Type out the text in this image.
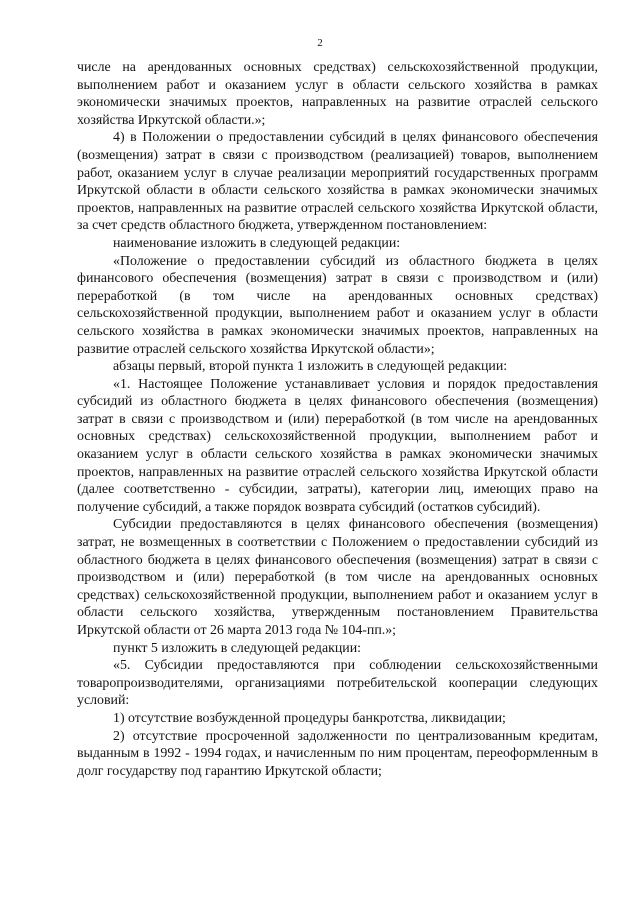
2

числе на арендованных основных средствах) сельскохозяйственной продукции, выполнением работ и оказанием услуг в области сельского хозяйства в рамках экономически значимых проектов, направленных на развитие отраслей сельского хозяйства Иркутской области.»;

4) в Положении о предоставлении субсидий в целях финансового обеспечения (возмещения) затрат в связи с производством (реализацией) товаров, выполнением работ, оказанием услуг в случае реализации мероприятий государственных программ Иркутской области в области сельского хозяйства в рамках экономически значимых проектов, направленных на развитие отраслей сельского хозяйства Иркутской области, за счет средств областного бюджета, утвержденном постановлением:

наименование изложить в следующей редакции:

«Положение о предоставлении субсидий из областного бюджета в целях финансового обеспечения (возмещения) затрат в связи с производством и (или) переработкой (в том числе на арендованных основных средствах) сельскохозяйственной продукции, выполнением работ и оказанием услуг в области сельского хозяйства в рамках экономически значимых проектов, направленных на развитие отраслей сельского хозяйства Иркутской области»;

абзацы первый, второй пункта 1 изложить в следующей редакции:

«1. Настоящее Положение устанавливает условия и порядок предоставления субсидий из областного бюджета в целях финансового обеспечения (возмещения) затрат в связи с производством и (или) переработкой (в том числе на арендованных основных средствах) сельскохозяйственной продукции, выполнением работ и оказанием услуг в области сельского хозяйства в рамках экономически значимых проектов, направленных на развитие отраслей сельского хозяйства Иркутской области (далее соответственно - субсидии, затраты), категории лиц, имеющих право на получение субсидий, а также порядок возврата субсидий (остатков субсидий).

Субсидии предоставляются в целях финансового обеспечения (возмещения) затрат, не возмещенных в соответствии с Положением о предоставлении субсидий из областного бюджета в целях финансового обеспечения (возмещения) затрат в связи с производством и (или) переработкой (в том числе на арендованных основных средствах) сельскохозяйственной продукции, выполнением работ и оказанием услуг в области сельского хозяйства, утвержденным постановлением Правительства Иркутской области от 26 марта 2013 года № 104-пп.»;

пункт 5 изложить в следующей редакции:

«5. Субсидии предоставляются при соблюдении сельскохозяйственными товаропроизводителями, организациями потребительской кооперации следующих условий:

1) отсутствие возбужденной процедуры банкротства, ликвидации;

2) отсутствие просроченной задолженности по централизованным кредитам, выданным в 1992 - 1994 годах, и начисленным по ним процентам, переоформленным в долг государству под гарантию Иркутской области;
